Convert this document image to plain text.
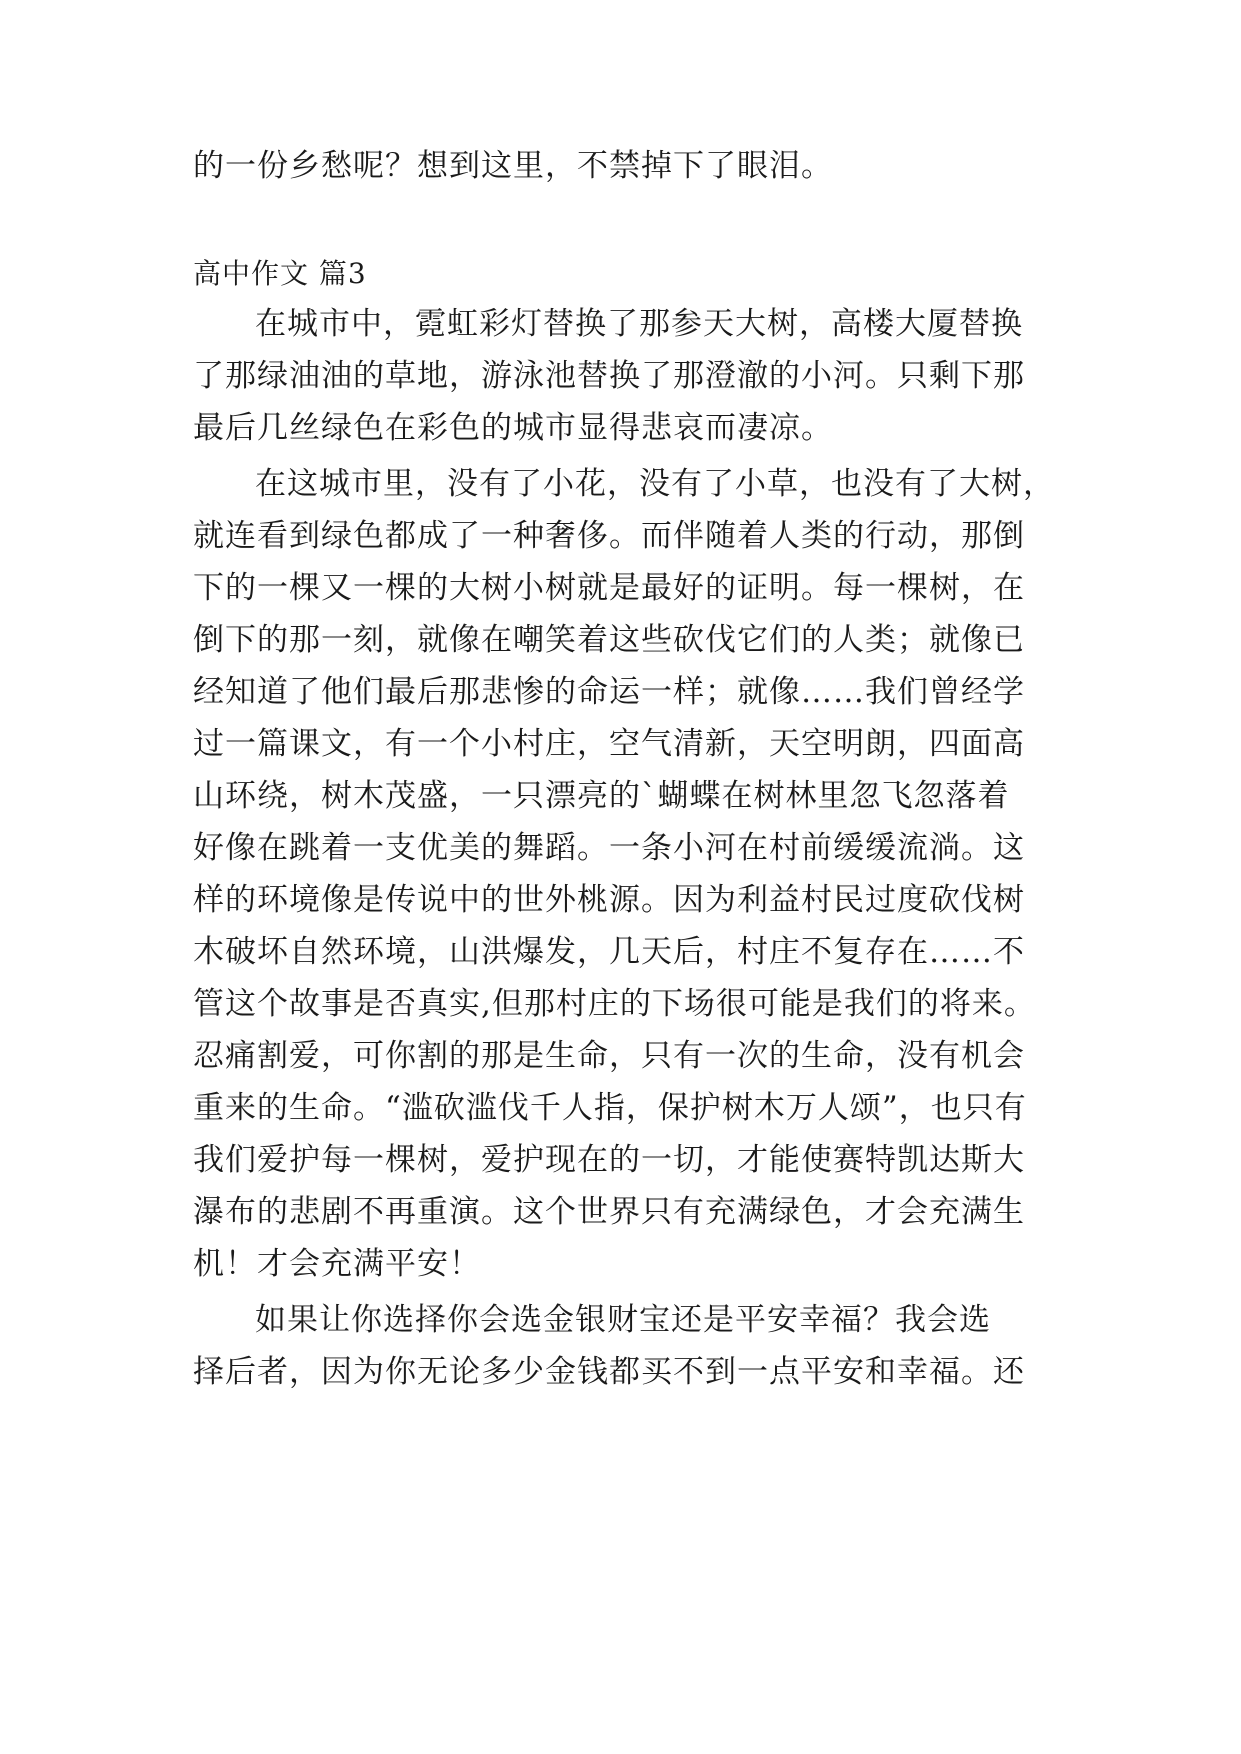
的一份乡愁呢？想到这里，不禁掉下了眼泪。
高中作文 篇3
在城市中，霓虹彩灯替换了那参天大树，高楼大厦替换
了那绿油油的草地，游泳池替换了那澄澈的小河。只剩下那
最后几丝绿色在彩色的城市显得悲哀而凄凉。
在这城市里，没有了小花，没有了小草，也没有了大树，
就连看到绿色都成了一种奢侈。而伴随着人类的行动，那倒
下的一棵又一棵的大树小树就是最好的证明。每一棵树，在
倒下的那一刻，就像在嘲笑着这些砍伐它们的人类；就像已
经知道了他们最后那悲惨的命运一样；就像……我们曾经学
过一篇课文，有一个小村庄，空气清新，天空明朗，四面高
山环绕，树木茂盛，一只漂亮的`蝴蝶在树林里忽飞忽落着
好像在跳着一支优美的舞蹈。一条小河在村前缓缓流淌。这
样的环境像是传说中的世外桃源。因为利益村民过度砍伐树
木破坏自然环境，山洪爆发，几天后，村庄不复存在……不
管这个故事是否真实,但那村庄的下场很可能是我们的将来。
忍痛割爱，可你割的那是生命，只有一次的生命，没有机会
重来的生命。“滥砍滥伐千人指，保护树木万人颂”，也只有
我们爱护每一棵树，爱护现在的一切，才能使赛特凯达斯大
瀑布的悲剧不再重演。这个世界只有充满绿色，才会充满生
机！才会充满平安！
如果让你选择你会选金银财宝还是平安幸福？我会选
择后者，因为你无论多少金钱都买不到一点平安和幸福。还
